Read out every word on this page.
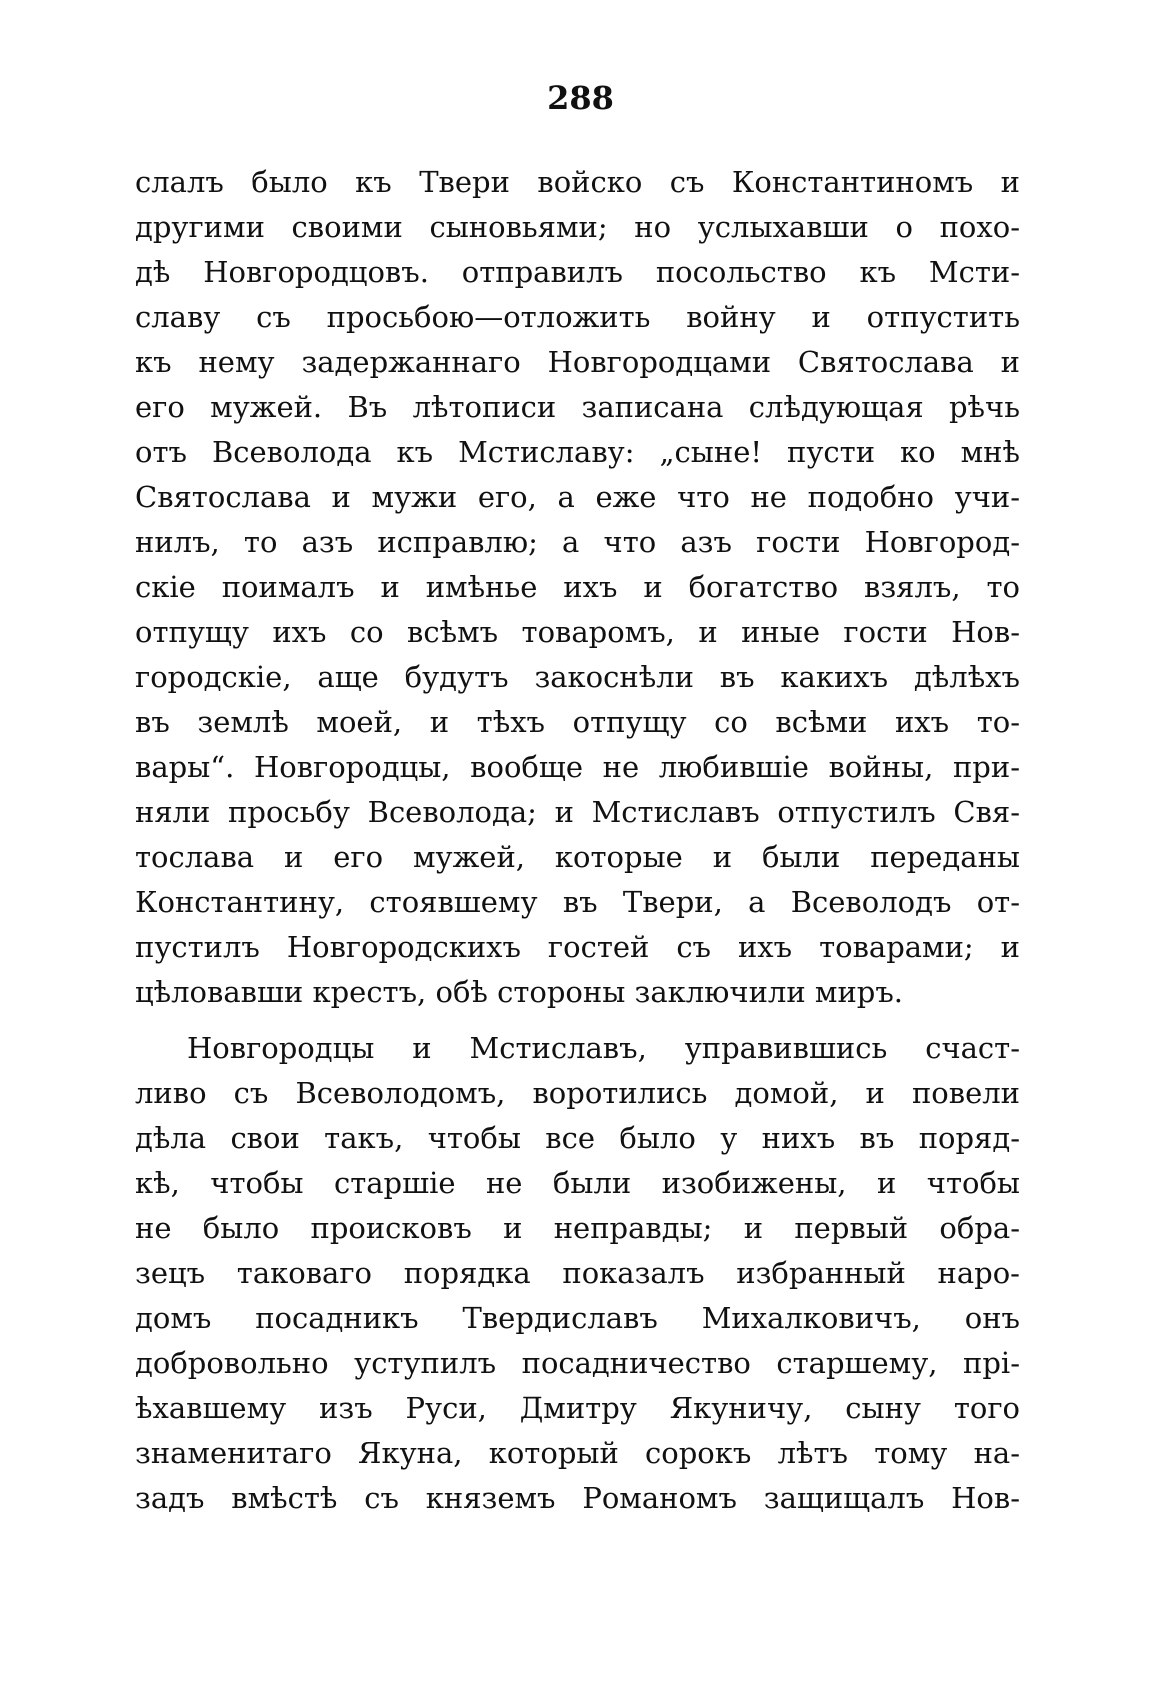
288
слалъ было къ Твери войско съ Константиномъ и
другими своими сыновьями; но услыхавши о похо-
дѣ Новгородцовъ. отправилъ посольство къ Мсти-
славу съ просьбою—отложить войну и отпустить
къ нему задержаннаго Новгородцами Святослава и
его мужей. Въ лѣтописи записана слѣдующая рѣчь
отъ Всеволода къ Мстиславу: „сыне! пусти ко мнѣ
Святослава и мужи его, а еже что не подобно учи-
нилъ, то азъ исправлю; а что азъ гости Новгород-
скіе поималъ и имѣнье ихъ и богатство взялъ, то
отпущу ихъ со всѣмъ товаромъ, и иные гости Нов-
городскіе, аще будутъ закоснѣли въ какихъ дѣлѣхъ
въ землѣ моей, и тѣхъ отпущу со всѣми ихъ то-
вары“. Новгородцы, вообще не любившіе войны, при-
няли просьбу Всеволода; и Мстиславъ отпустилъ Свя-
тослава и его мужей, которые и были переданы
Константину, стоявшему въ Твери, а Всеволодъ от-
пустилъ Новгородскихъ гостей съ ихъ товарами; и
цѣловавши крестъ, обѣ стороны заключили миръ.
Новгородцы и Мстиславъ, управившись счаст-
ливо съ Всеволодомъ, воротились домой, и повели
дѣла свои такъ, чтобы все было у нихъ въ поряд-
кѣ, чтобы старшіе не были изобижены, и чтобы
не было происковъ и неправды; и первый обра-
зецъ таковаго порядка показалъ избранный наро-
домъ посадникъ Твердиславъ Михалковичъ, онъ
добровольно уступилъ посадничество старшему, прі-
ѣхавшему изъ Руси, Дмитру Якуничу, сыну того
знаменитаго Якуна, который сорокъ лѣтъ тому на-
задъ вмѣстѣ съ княземъ Романомъ защищалъ Нов-
